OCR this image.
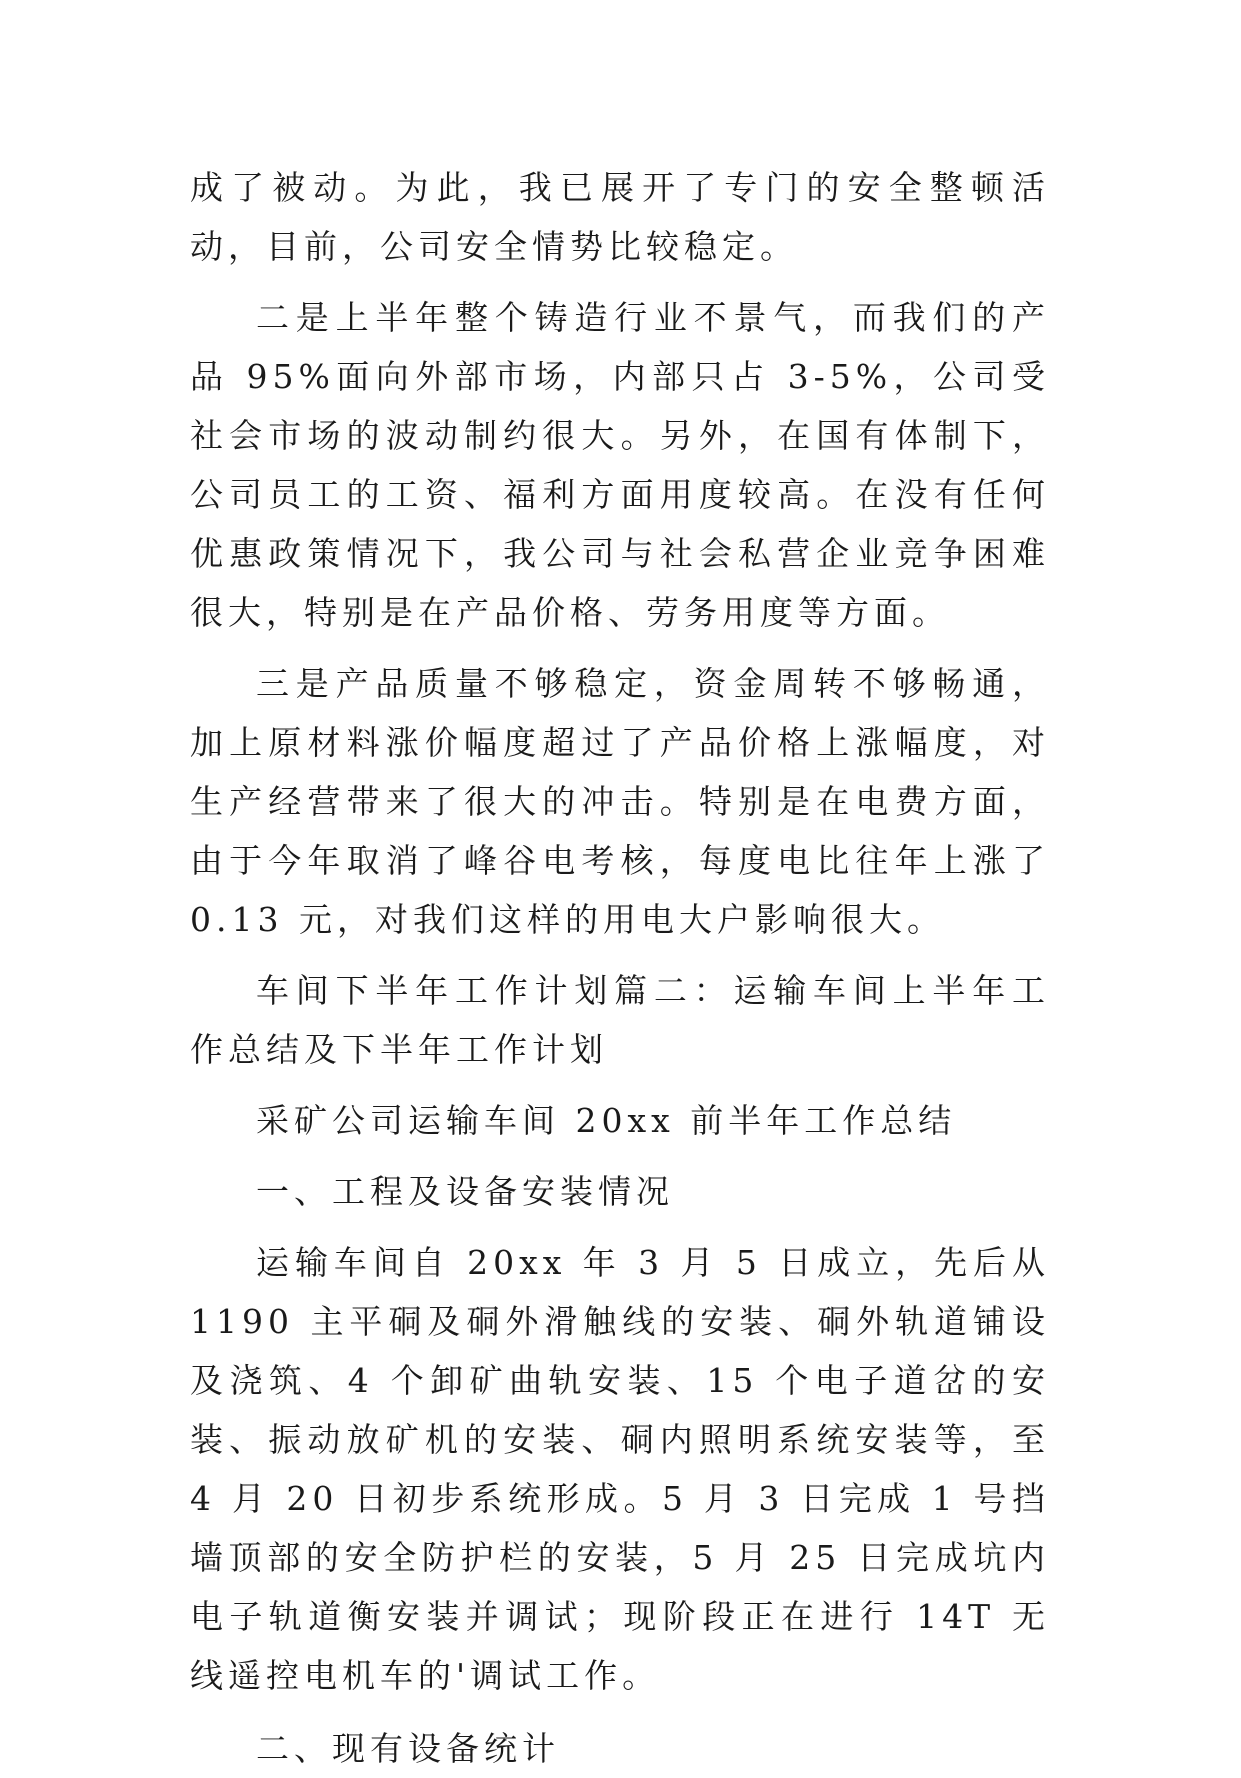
成了被动。为此，我已展开了专门的安全整顿活动，目前，公司安全情势比较稳定。

二是上半年整个铸造行业不景气，而我们的产品 95%面向外部市场，内部只占 3-5%，公司受社会市场的波动制约很大。另外，在国有体制下，公司员工的工资、福利方面用度较高。在没有任何优惠政策情况下，我公司与社会私营企业竞争困难很大，特别是在产品价格、劳务用度等方面。

三是产品质量不够稳定，资金周转不够畅通，加上原材料涨价幅度超过了产品价格上涨幅度，对生产经营带来了很大的冲击。特别是在电费方面，由于今年取消了峰谷电考核，每度电比往年上涨了 0.13 元，对我们这样的用电大户影响很大。

车间下半年工作计划篇二：运输车间上半年工作总结及下半年工作计划

采矿公司运输车间 20xx 前半年工作总结

一、工程及设备安装情况

运输车间自 20xx 年 3 月 5 日成立，先后从 1190 主平硐及硐外滑触线的安装、硐外轨道铺设及浇筑、4 个卸矿曲轨安装、15 个电子道岔的安装、振动放矿机的安装、硐内照明系统安装等，至 4 月 20 日初步系统形成。5 月 3 日完成 1 号挡墙顶部的安全防护栏的安装，5 月 25 日完成坑内电子轨道衡安装并调试；现阶段正在进行 14T 无线遥控电机车的'调试工作。

二、现有设备统计
